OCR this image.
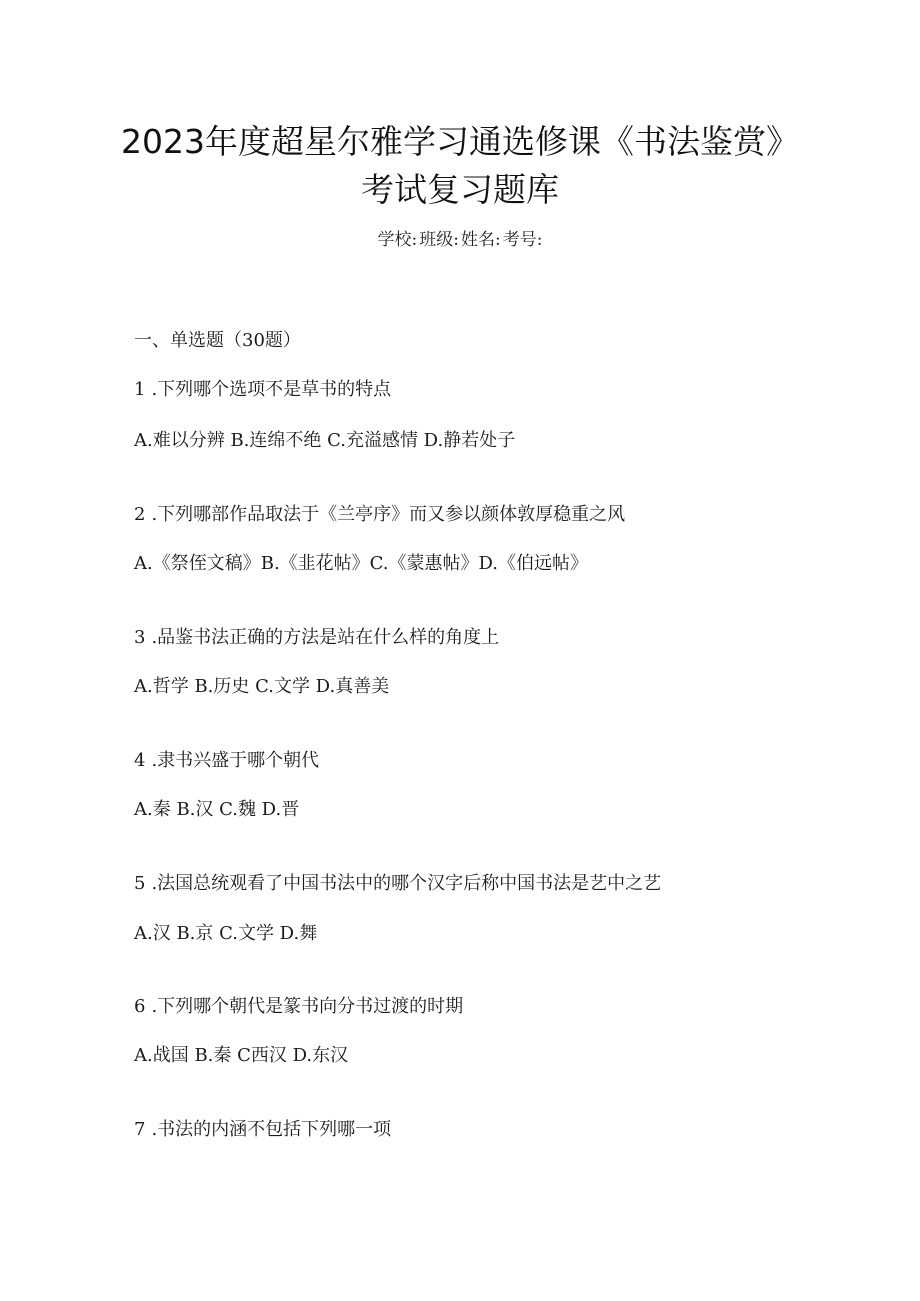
2023年度超星尔雅学习通选修课《书法鉴赏》
考试复习题库
学校: 班级: 姓名: 考号:
一、单选题（30题）
1 .下列哪个选项不是草书的特点
A.难以分辨 B.连绵不绝 C.充溢感情 D.静若处子
2 .下列哪部作品取法于《兰亭序》而又参以颜体敦厚稳重之风
A.《祭侄文稿》B.《韭花帖》C.《蒙惠帖》D.《伯远帖》
3 .品鉴书法正确的方法是站在什么样的角度上
A.哲学 B.历史 C.文学 D.真善美
4 .隶书兴盛于哪个朝代
A.秦 B.汉 C.魏 D.晋
5 .法国总统观看了中国书法中的哪个汉字后称中国书法是艺中之艺
A.汉 B.京 C.文学 D.舞
6 .下列哪个朝代是篆书向分书过渡的时期
A.战国 B.秦 C西汉 D.东汉
7 .书法的内涵不包括下列哪一项
